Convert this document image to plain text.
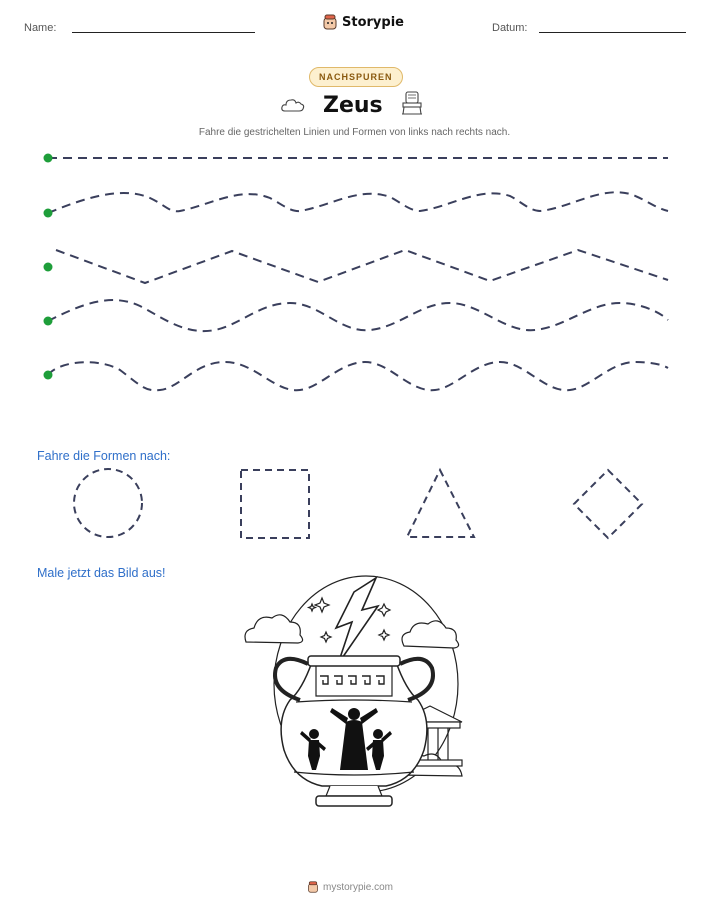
Name:	Storypie	Datum:
NACHSPUREN
Zeus
Fahre die gestrichelten Linien und Formen von links nach rechts nach.
Fahre die Formen nach:
Male jetzt das Bild aus!
mystorypie.com
